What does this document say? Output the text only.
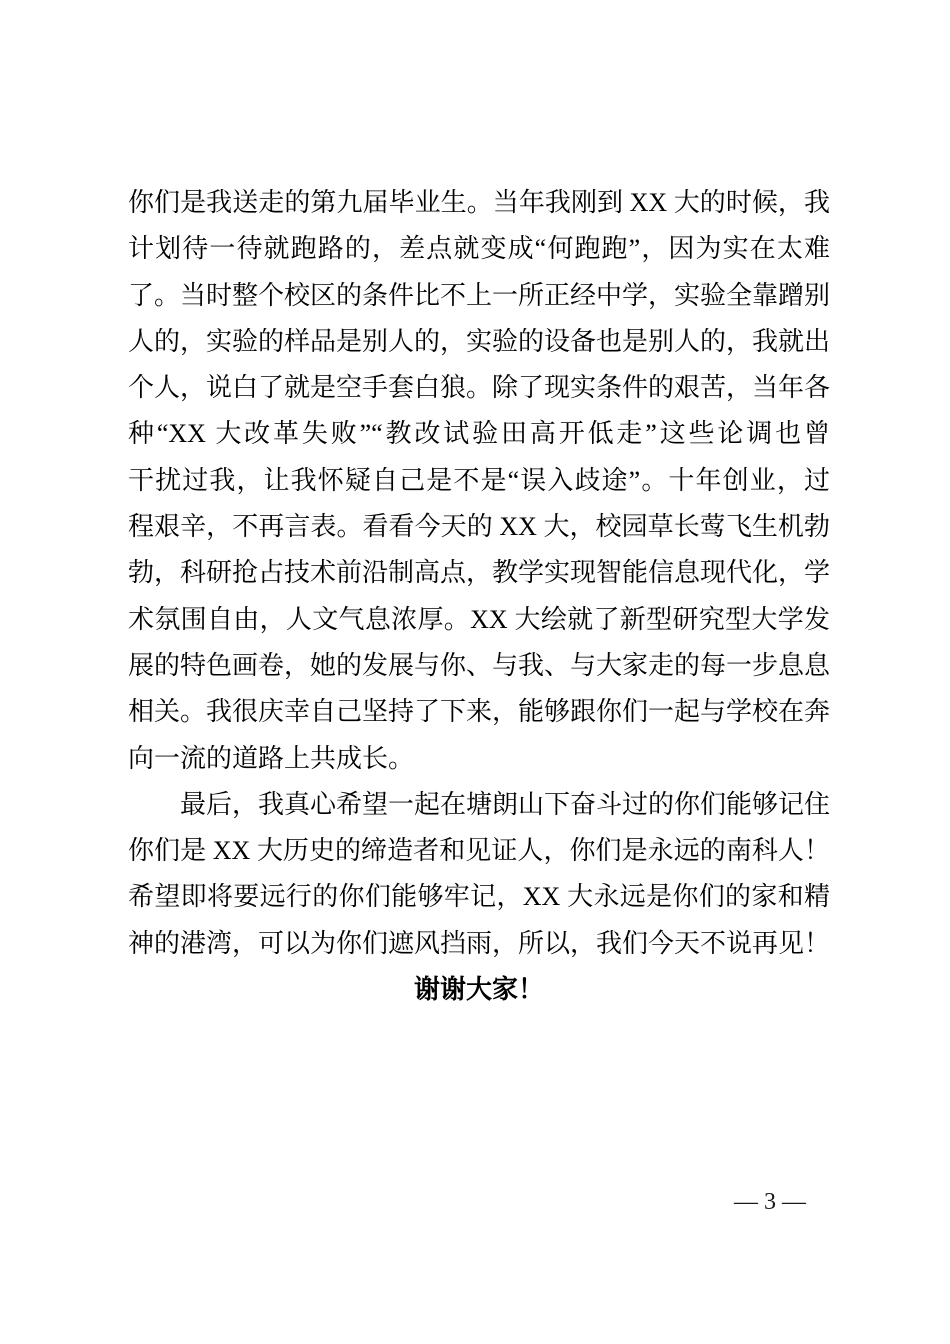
你们是我送走的第九届毕业生。当年我刚到 XX 大的时候，我
计划待一待就跑路的，差点就变成“何跑跑”，因为实在太难
了。当时整个校区的条件比不上一所正经中学，实验全靠蹭别
人的，实验的样品是别人的，实验的设备也是别人的，我就出
个人，说白了就是空手套白狼。除了现实条件的艰苦，当年各
种“XX 大改革失败”“教改试验田高开低走”这些论调也曾
干扰过我，让我怀疑自己是不是“误入歧途”。十年创业，过
程艰辛，不再言表。看看今天的 XX 大，校园草长莺飞生机勃
勃，科研抢占技术前沿制高点，教学实现智能信息现代化，学
术氛围自由，人文气息浓厚。XX 大绘就了新型研究型大学发
展的特色画卷，她的发展与你、与我、与大家走的每一步息息
相关。我很庆幸自己坚持了下来，能够跟你们一起与学校在奔
向一流的道路上共成长。
最后，我真心希望一起在塘朗山下奋斗过的你们能够记住
你们是 XX 大历史的缔造者和见证人，你们是永远的南科人！
希望即将要远行的你们能够牢记，XX 大永远是你们的家和精
神的港湾，可以为你们遮风挡雨，所以，我们今天不说再见！
谢谢大家！
— 3 —
